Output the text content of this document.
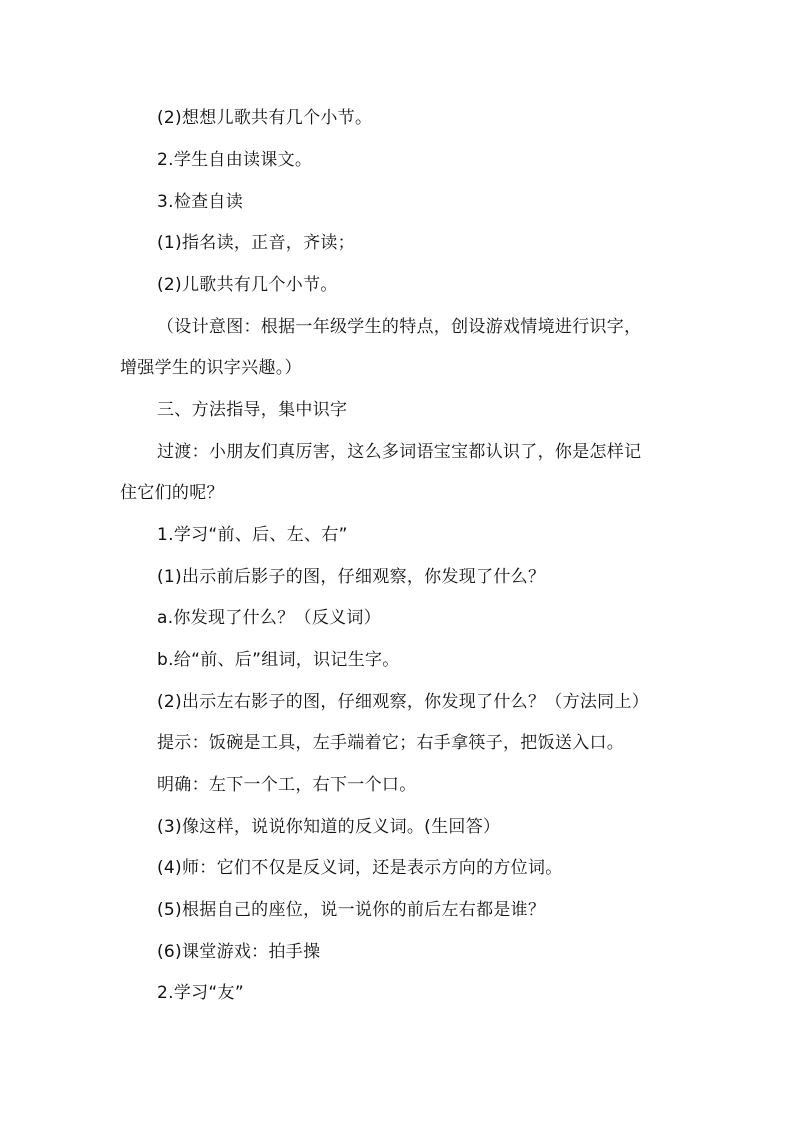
(2)想想儿歌共有几个小节。
2.学生自由读课文。
3.检查自读
(1)指名读，正音，齐读；
(2)儿歌共有几个小节。
（设计意图：根据一年级学生的特点，创设游戏情境进行识字，
增强学生的识字兴趣。）
三、方法指导，集中识字
过渡：小朋友们真厉害，这么多词语宝宝都认识了，你是怎样记
住它们的呢？
1.学习“前、后、左、右”
(1)出示前后影子的图，仔细观察，你发现了什么？
a.你发现了什么？（反义词）
b.给“前、后”组词，识记生字。
(2)出示左右影子的图，仔细观察，你发现了什么？（方法同上）
提示：饭碗是工具，左手端着它；右手拿筷子，把饭送入口。
明确：左下一个工，右下一个口。
(3)像这样，说说你知道的反义词。(生回答）
(4)师：它们不仅是反义词，还是表示方向的方位词。
(5)根据自己的座位，说一说你的前后左右都是谁？
(6)课堂游戏：拍手操
2.学习“友”
